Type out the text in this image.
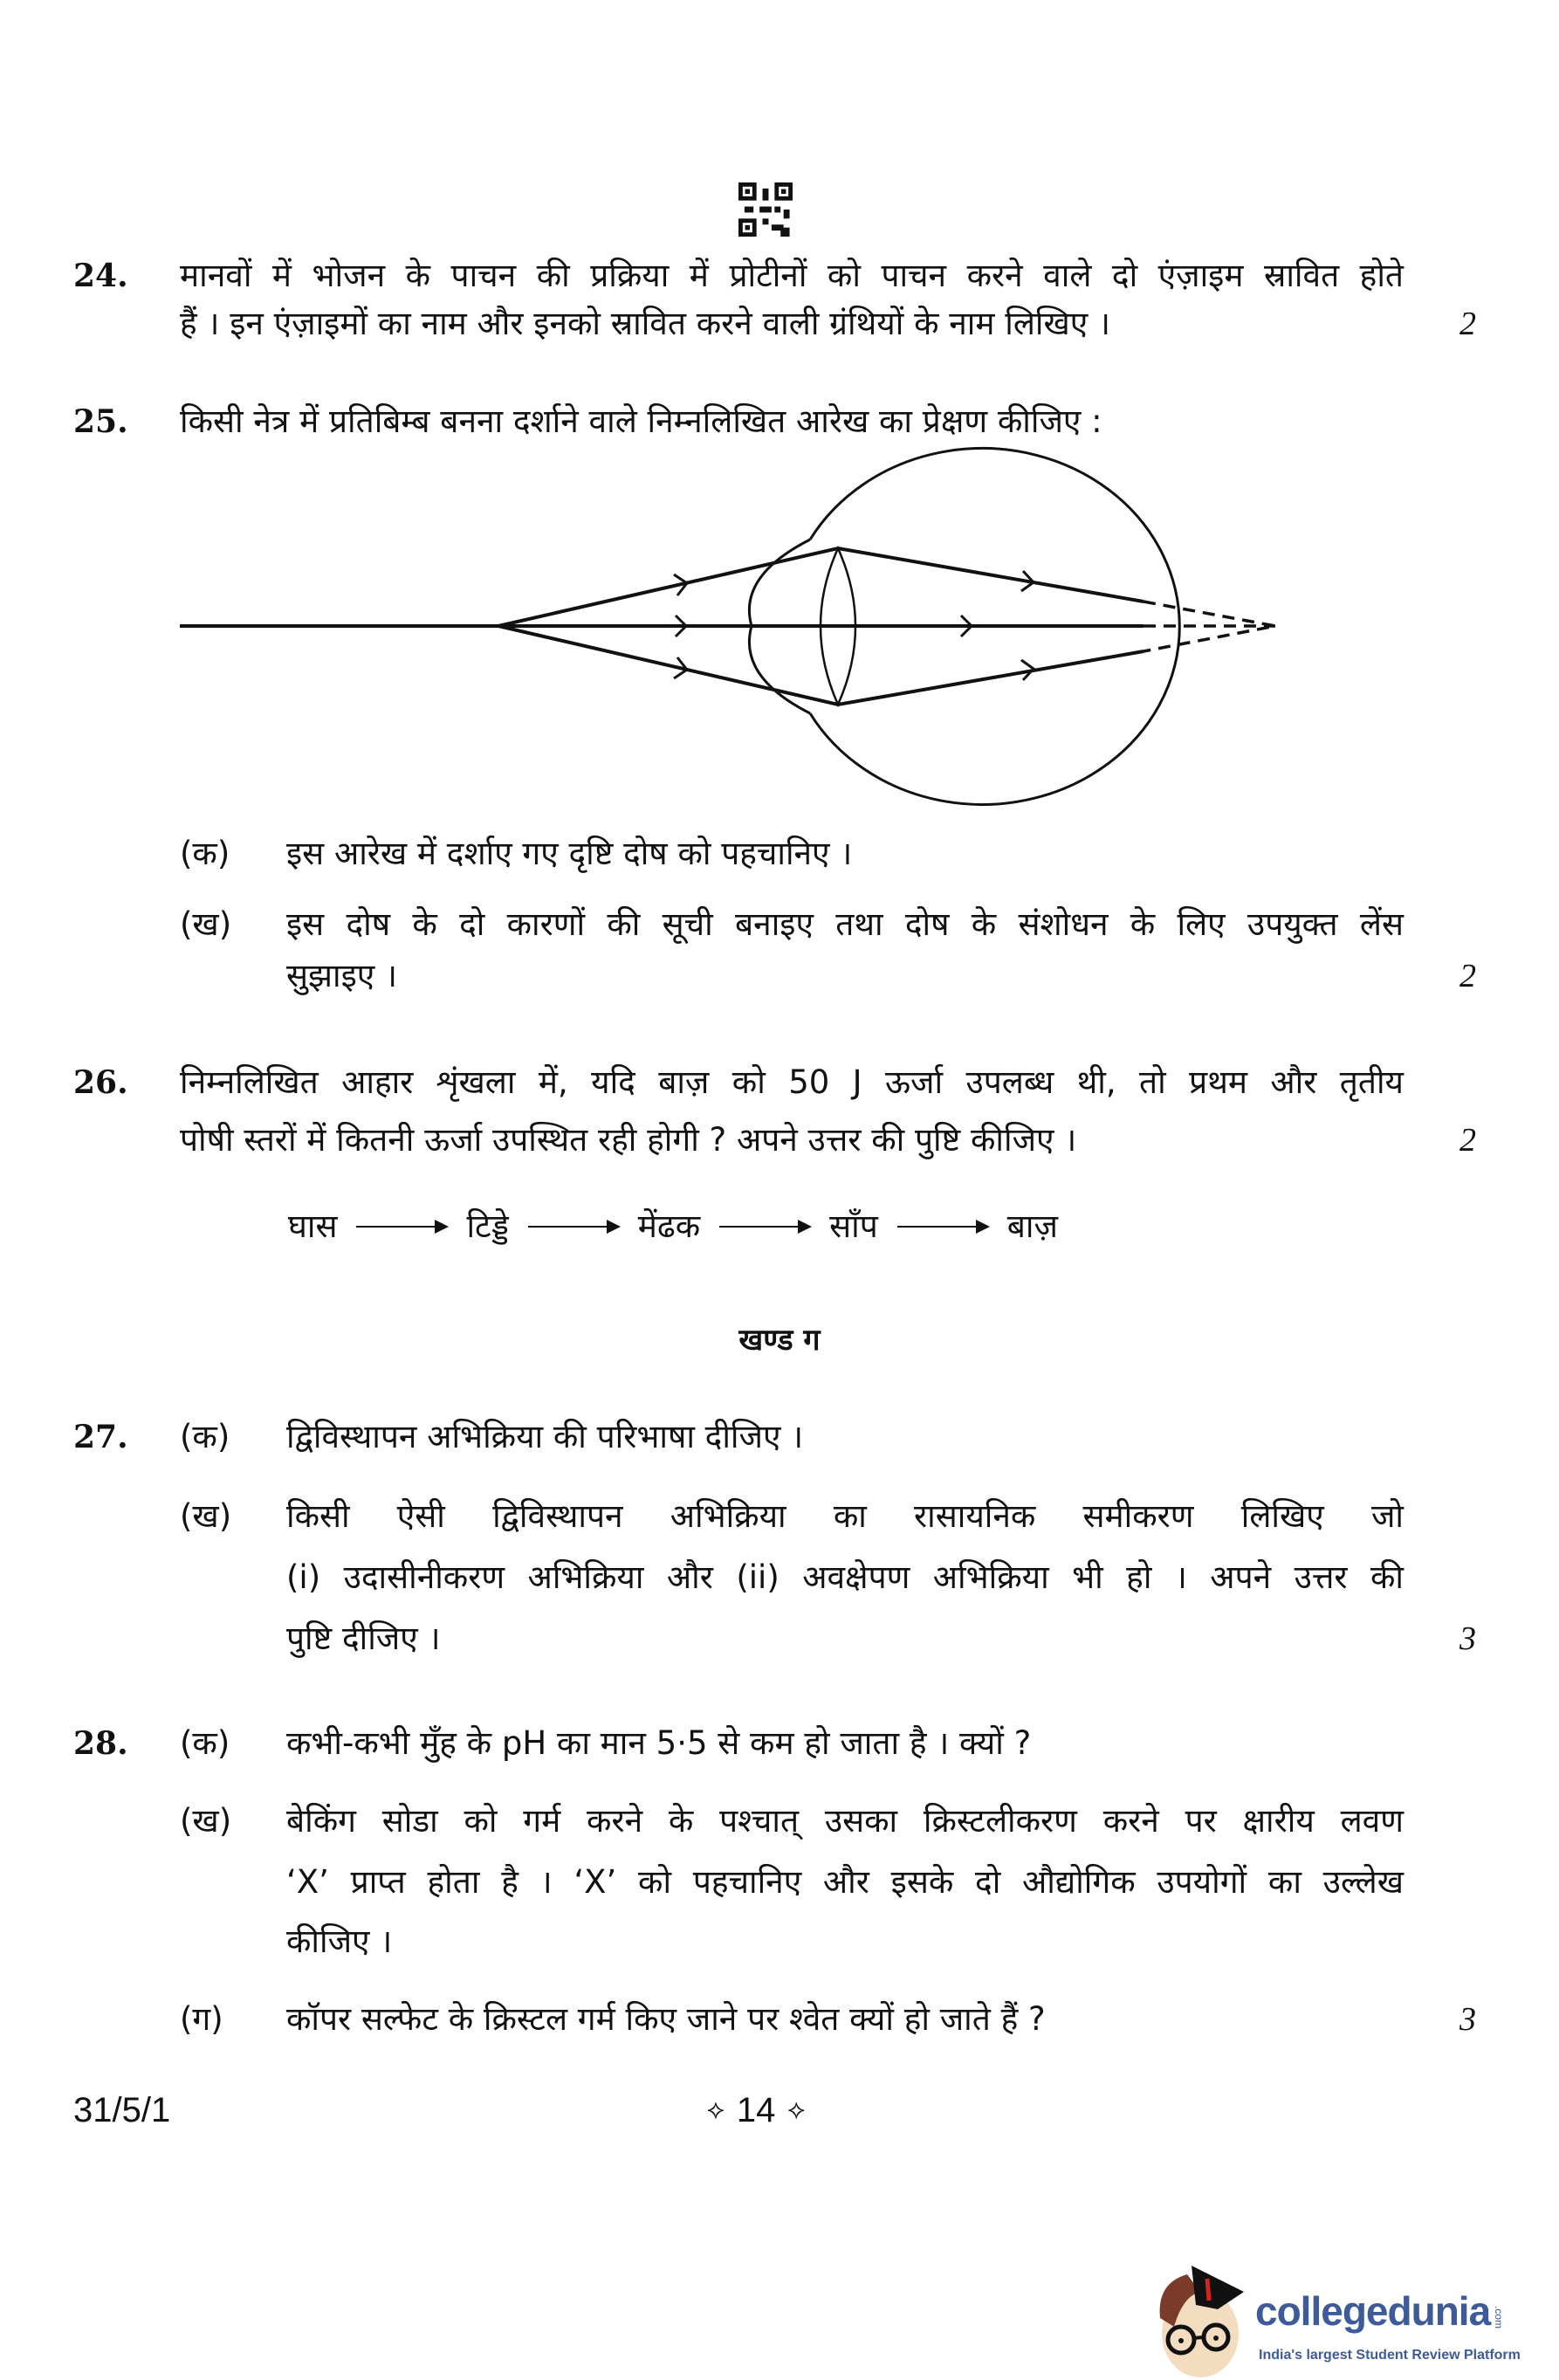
24. मानवों में भोजन के पाचन की प्रक्रिया में प्रोटीनों को पाचन करने वाले दो एंज़ाइम स्रावित होते
हैं । इन एंज़ाइमों का नाम और इनको स्रावित करने वाली ग्रंथियों के नाम लिखिए ।	2
25. किसी नेत्र में प्रतिबिम्ब बनना दर्शाने वाले निम्नलिखित आरेख का प्रेक्षण कीजिए :
(क) इस आरेख में दर्शाए गए दृष्टि दोष को पहचानिए ।
(ख) इस दोष के दो कारणों की सूची बनाइए तथा दोष के संशोधन के लिए उपयुक्त लेंस
सुझाइए ।	2
26. निम्नलिखित आहार शृंखला में, यदि बाज़ को 50 J ऊर्जा उपलब्ध थी, तो प्रथम और तृतीय
पोषी स्तरों में कितनी ऊर्जा उपस्थित रही होगी ? अपने उत्तर की पुष्टि कीजिए ।	2
घास	टिड्डे	मेंढक	साँप	बाज़
खण्ड ग
27. (क) द्विविस्थापन अभिक्रिया की परिभाषा दीजिए ।
(ख) किसी ऐसी द्विविस्थापन अभिक्रिया का रासायनिक समीकरण लिखिए जो
(i) उदासीनीकरण अभिक्रिया और (ii) अवक्षेपण अभिक्रिया भी हो । अपने उत्तर की
पुष्टि दीजिए ।	3
28. (क) कभी-कभी मुँह के pH का मान 5·5 से कम हो जाता है । क्यों ?
(ख) बेकिंग सोडा को गर्म करने के पश्चात् उसका क्रिस्टलीकरण करने पर क्षारीय लवण
‘X’ प्राप्त होता है । ‘X’ को पहचानिए और इसके दो औद्योगिक उपयोगों का उल्लेख
कीजिए ।
(ग) कॉपर सल्फेट के क्रिस्टल गर्म किए जाने पर श्वेत क्यों हो जाते हैं ?	3
31/5/1	⟡ 14 ⟡
collegedunia .com
India's largest Student Review Platform
